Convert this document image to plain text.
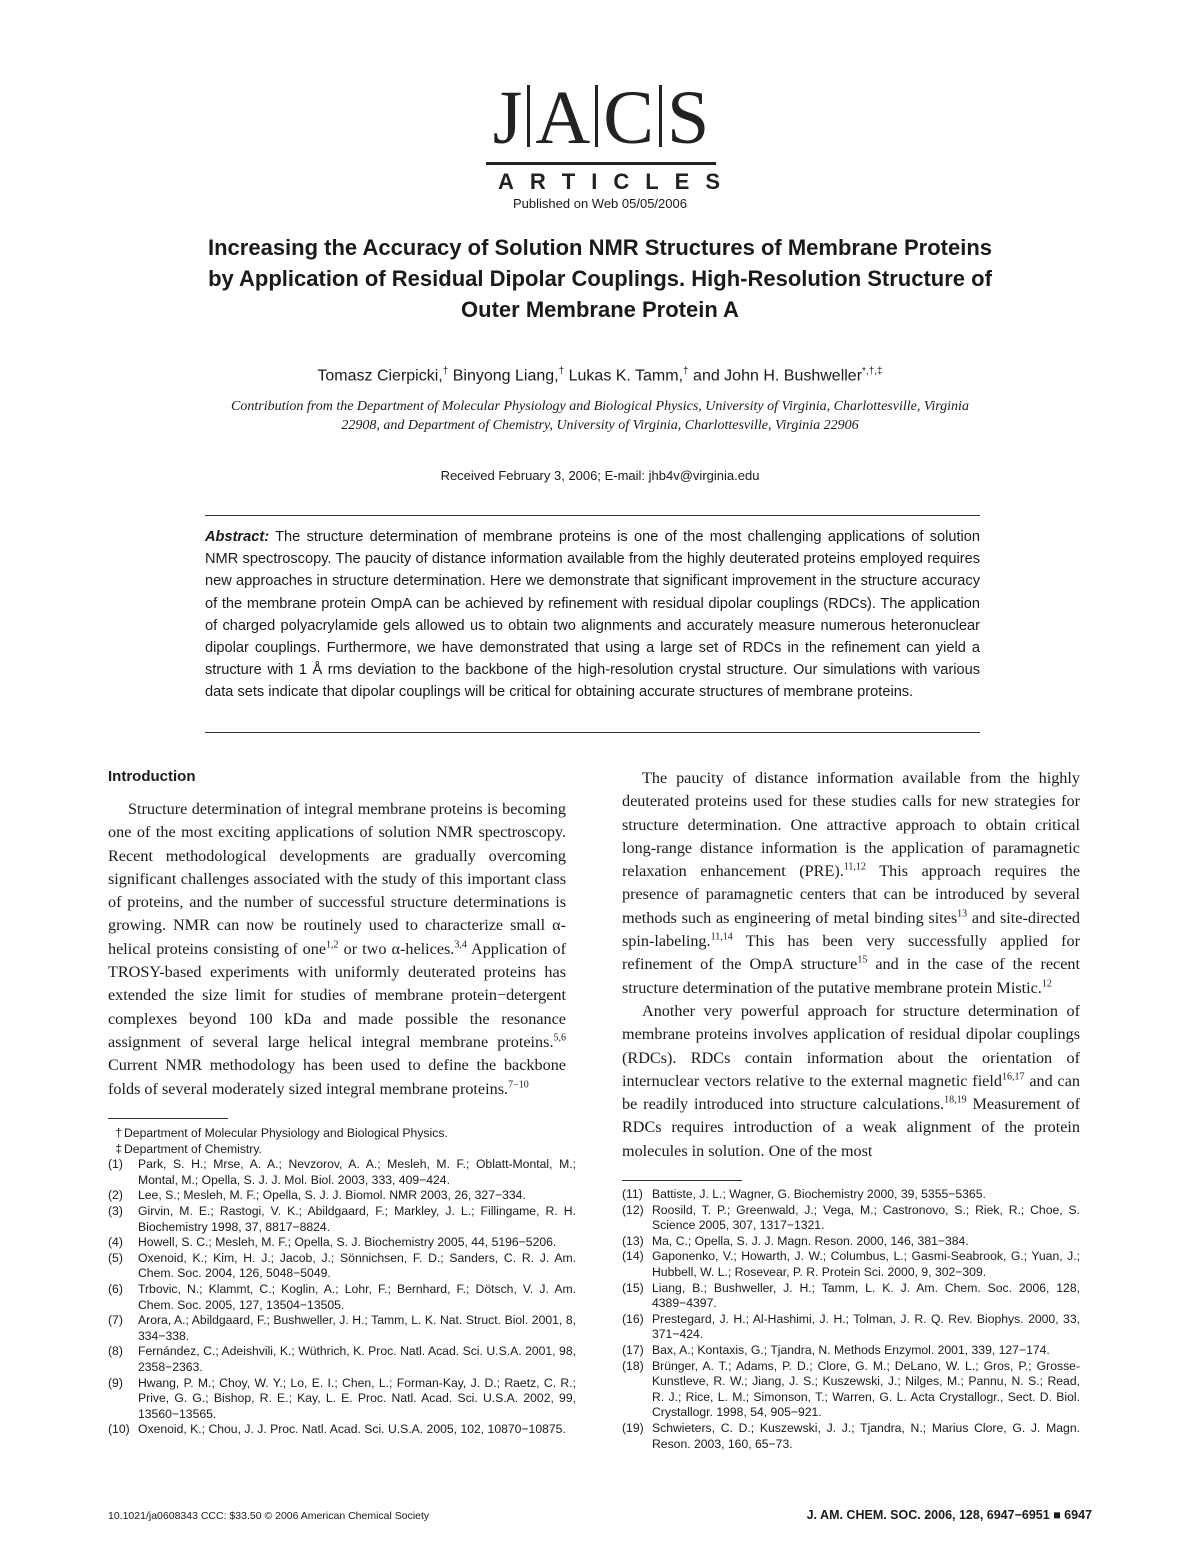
J A C S
ARTICLES
Published on Web 05/05/2006
Increasing the Accuracy of Solution NMR Structures of Membrane Proteins by Application of Residual Dipolar Couplings. High-Resolution Structure of Outer Membrane Protein A
Tomasz Cierpicki,† Binyong Liang,† Lukas K. Tamm,† and John H. Bushweller*,†,‡
Contribution from the Department of Molecular Physiology and Biological Physics, University of Virginia, Charlottesville, Virginia 22908, and Department of Chemistry, University of Virginia, Charlottesville, Virginia 22906
Received February 3, 2006; E-mail: jhb4v@virginia.edu
Abstract: The structure determination of membrane proteins is one of the most challenging applications of solution NMR spectroscopy. The paucity of distance information available from the highly deuterated proteins employed requires new approaches in structure determination. Here we demonstrate that significant improvement in the structure accuracy of the membrane protein OmpA can be achieved by refinement with residual dipolar couplings (RDCs). The application of charged polyacrylamide gels allowed us to obtain two alignments and accurately measure numerous heteronuclear dipolar couplings. Furthermore, we have demonstrated that using a large set of RDCs in the refinement can yield a structure with 1 Å rms deviation to the backbone of the high-resolution crystal structure. Our simulations with various data sets indicate that dipolar couplings will be critical for obtaining accurate structures of membrane proteins.
Introduction

Structure determination of integral membrane proteins is becoming one of the most exciting applications of solution NMR spectroscopy. Recent methodological developments are gradually overcoming significant challenges associated with the study of this important class of proteins, and the number of successful structure determinations is growing. NMR can now be routinely used to characterize small α-helical proteins consisting of one$^{1,2}$ or two α-helices.$^{3,4}$ Application of TROSY-based experiments with uniformly deuterated proteins has extended the size limit for studies of membrane protein−detergent complexes beyond 100 kDa and made possible the resonance assignment of several large helical integral membrane proteins.$^{5,6}$ Current NMR methodology has been used to define the backbone folds of several moderately sized integral membrane proteins.$^{7-10}$

The paucity of distance information available from the highly deuterated proteins used for these studies calls for new strategies for structure determination. One attractive approach to obtain critical long-range distance information is the application of paramagnetic relaxation enhancement (PRE).$^{11,12}$ This approach requires the presence of paramagnetic centers that can be introduced by several methods such as engineering of metal binding sites$^{13}$ and site-directed spin-labeling.$^{11,14}$ This has been very successfully applied for refinement of the OmpA structure$^{15}$ and in the case of the recent structure determination of the putative membrane protein Mistic.$^{12}$

Another very powerful approach for structure determination of membrane proteins involves application of residual dipolar couplings (RDCs). RDCs contain information about the orientation of internuclear vectors relative to the external magnetic field$^{16,17}$ and can be readily introduced into structure calculations.$^{18,19}$ Measurement of RDCs requires introduction of a weak alignment of the protein molecules in solution. One of the most

† Department of Molecular Physiology and Biological Physics.
‡ Department of Chemistry.
(1)	Park, S. H.; Mrse, A. A.; Nevzorov, A. A.; Mesleh, M. F.; Oblatt-Montal, M.; Montal, M.; Opella, S. J. J. Mol. Biol. 2003, 333, 409−424.
(2)	Lee, S.; Mesleh, M. F.; Opella, S. J. J. Biomol. NMR 2003, 26, 327−334.
(3)	Girvin, M. E.; Rastogi, V. K.; Abildgaard, F.; Markley, J. L.; Fillingame, R. H. Biochemistry 1998, 37, 8817−8824.
(4)	Howell, S. C.; Mesleh, M. F.; Opella, S. J. Biochemistry 2005, 44, 5196−5206.
(5)	Oxenoid, K.; Kim, H. J.; Jacob, J.; Sönnichsen, F. D.; Sanders, C. R. J. Am. Chem. Soc. 2004, 126, 5048−5049.
(6)	Trbovic, N.; Klammt, C.; Koglin, A.; Lohr, F.; Bernhard, F.; Dötsch, V. J. Am. Chem. Soc. 2005, 127, 13504−13505.
(7)	Arora, A.; Abildgaard, F.; Bushweller, J. H.; Tamm, L. K. Nat. Struct. Biol. 2001, 8, 334−338.
(8)	Fernández, C.; Adeishvili, K.; Wüthrich, K. Proc. Natl. Acad. Sci. U.S.A. 2001, 98, 2358−2363.
(9)	Hwang, P. M.; Choy, W. Y.; Lo, E. I.; Chen, L.; Forman-Kay, J. D.; Raetz, C. R.; Prive, G. G.; Bishop, R. E.; Kay, L. E. Proc. Natl. Acad. Sci. U.S.A. 2002, 99, 13560−13565.
(10) Oxenoid, K.; Chou, J. J. Proc. Natl. Acad. Sci. U.S.A. 2005, 102, 10870−10875.
(11) Battiste, J. L.; Wagner, G. Biochemistry 2000, 39, 5355−5365.
(12) Roosild, T. P.; Greenwald, J.; Vega, M.; Castronovo, S.; Riek, R.; Choe, S. Science 2005, 307, 1317−1321.
(13) Ma, C.; Opella, S. J. J. Magn. Reson. 2000, 146, 381−384.
(14) Gaponenko, V.; Howarth, J. W.; Columbus, L.; Gasmi-Seabrook, G.; Yuan, J.; Hubbell, W. L.; Rosevear, P. R. Protein Sci. 2000, 9, 302−309.
(15) Liang, B.; Bushweller, J. H.; Tamm, L. K. J. Am. Chem. Soc. 2006, 128, 4389−4397.
(16) Prestegard, J. H.; Al-Hashimi, J. H.; Tolman, J. R. Q. Rev. Biophys. 2000, 33, 371−424.
(17) Bax, A.; Kontaxis, G.; Tjandra, N. Methods Enzymol. 2001, 339, 127−174.
(18) Brünger, A. T.; Adams, P. D.; Clore, G. M.; DeLano, W. L.; Gros, P.; Grosse-Kunstleve, R. W.; Jiang, J. S.; Kuszewski, J.; Nilges, M.; Pannu, N. S.; Read, R. J.; Rice, L. M.; Simonson, T.; Warren, G. L. Acta Crystallogr., Sect. D. Biol. Crystallogr. 1998, 54, 905−921.
(19) Schwieters, C. D.; Kuszewski, J. J.; Tjandra, N.; Marius Clore, G. J. Magn. Reson. 2003, 160, 65−73.
10.1021/ja0608343 CCC: $33.50 © 2006 American Chemical Society	J. AM. CHEM. SOC. 2006, 128, 6947−6951 ■ 6947
